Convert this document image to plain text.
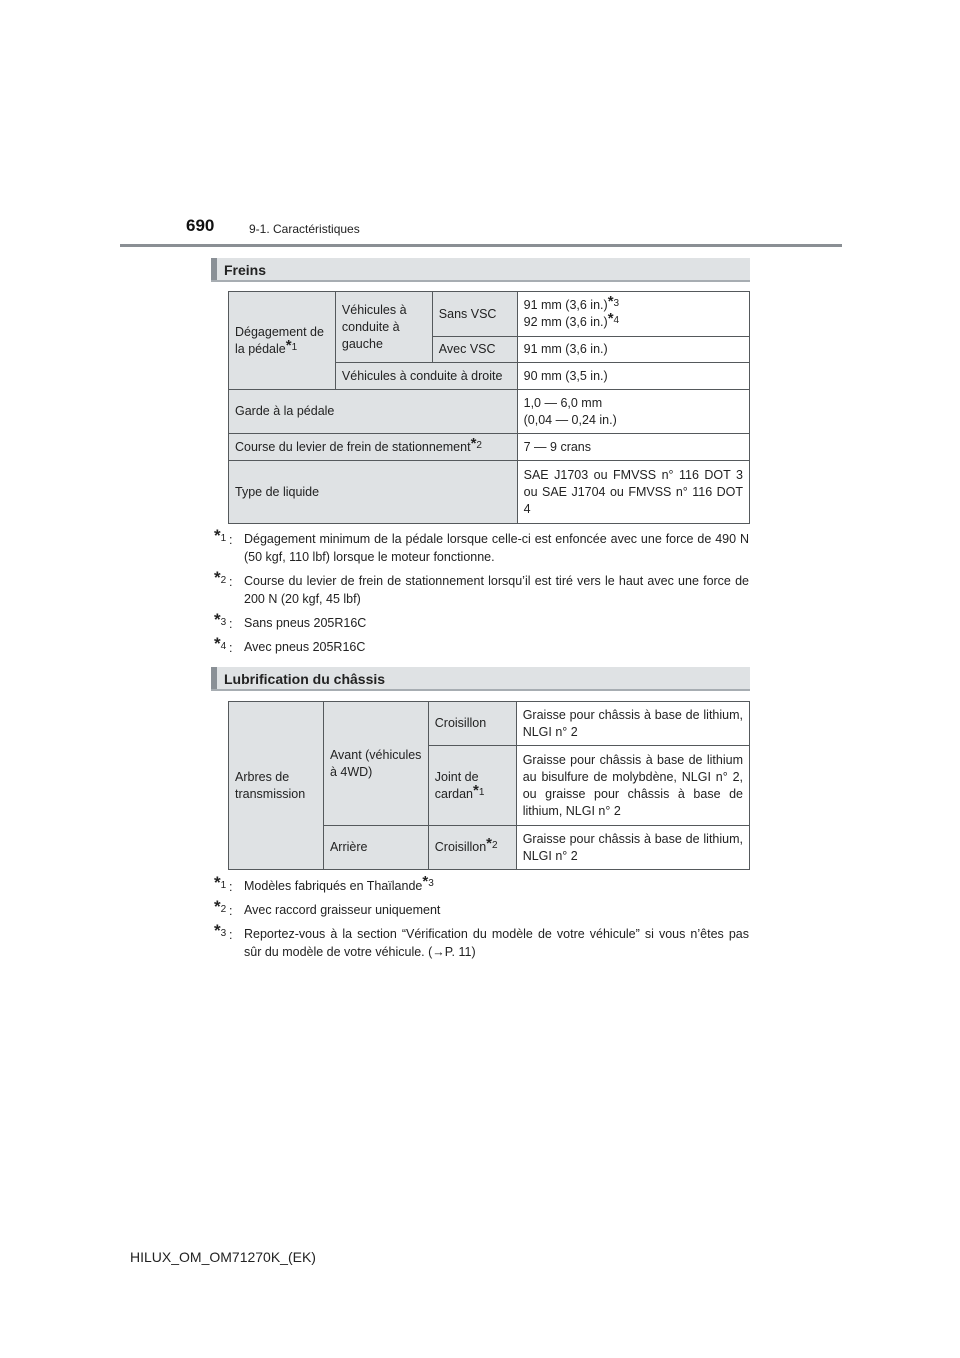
690	9-1. Caractéristiques
Freins
Dégagement de la pédale$^{*1}$	Véhicules à conduite à gauche	Sans VSC	91 mm (3,6 in.)$^{*3}$
92 mm (3,6 in.)$^{*4}$
		Avec VSC	91 mm (3,6 in.)
	Véhicules à conduite à droite		90 mm (3,5 in.)
Garde à la pédale			1,0 — 6,0 mm
(0,04 — 0,24 in.)
Course du levier de frein de stationnement$^{*2}$			7 — 9 crans
Type de liquide			SAE J1703 ou FMVSS n° 116 DOT 3 ou SAE J1704 ou FMVSS n° 116 DOT 4
*1 : Dégagement minimum de la pédale lorsque celle-ci est enfoncée avec une force de 490 N (50 kgf, 110 lbf) lorsque le moteur fonctionne.
*2 : Course du levier de frein de stationnement lorsqu’il est tiré vers le haut avec une force de 200 N (20 kgf, 45 lbf)
*3 : Sans pneus 205R16C
*4 : Avec pneus 205R16C
Lubrification du châssis
Arbres de transmission	Avant (véhicules à 4WD)	Croisillon	Graisse pour châssis à base de lithium, NLGI n° 2
		Joint de cardan$^{*1}$	Graisse pour châssis à base de lithium au bisulfure de molybdène, NLGI n° 2, ou graisse pour châssis à base de lithium, NLGI n° 2
	Arrière	Croisillon$^{*2}$	Graisse pour châssis à base de lithium, NLGI n° 2
*1 : Modèles fabriqués en Thaïlande$^{*3}$
*2 : Avec raccord graisseur uniquement
*3 : Reportez-vous à la section “Vérification du modèle de votre véhicule” si vous n’êtes pas sûr du modèle de votre véhicule. (→P. 11)
HILUX_OM_OM71270K_(EK)
